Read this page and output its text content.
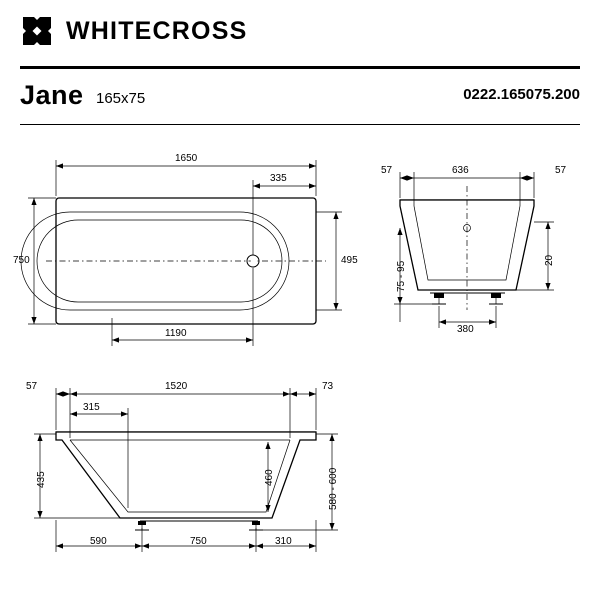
WHITECROSS
Jane 165x75	0222.165075.200
1650
335
750	495
1190
57	636	57
75 - 95
20
380
57	1520	73
315
435	460	580 - 600
590	750	310
